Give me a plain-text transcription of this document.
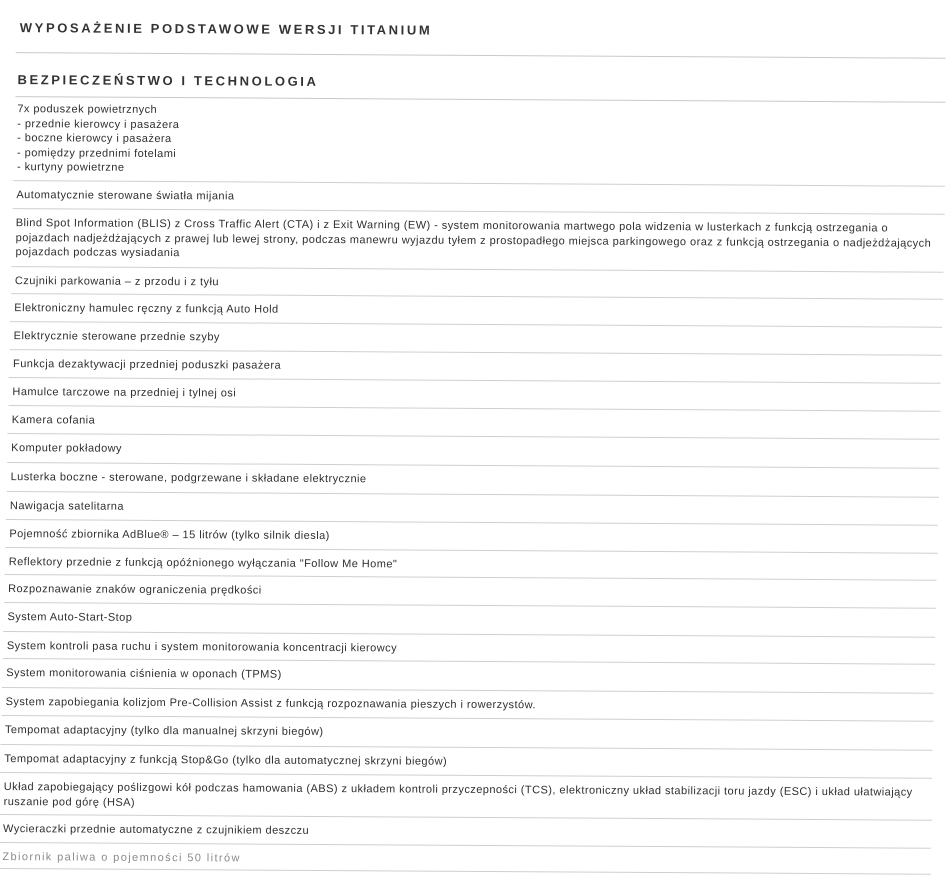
WYPOSAŻENIE PODSTAWOWE WERSJI TITANIUM
BEZPIECZEŃSTWO I TECHNOLOGIA
7x poduszek powietrznych
- przednie kierowcy i pasażera
- boczne kierowcy i pasażera
- pomiędzy przednimi fotelami
- kurtyny powietrzne
Automatycznie sterowane światła mijania
Blind Spot Information (BLIS) z Cross Traffic Alert (CTA) i z Exit Warning (EW) - system monitorowania martwego pola widzenia w lusterkach z funkcją ostrzegania o pojazdach nadjeżdżających z prawej lub lewej strony, podczas manewru wyjazdu tyłem z prostopadłego miejsca parkingowego oraz z funkcją ostrzegania o nadjeżdżających pojazdach podczas wysiadania
Czujniki parkowania – z przodu i z tyłu
Elektroniczny hamulec ręczny z funkcją Auto Hold
Elektrycznie sterowane przednie szyby
Funkcja dezaktywacji przedniej poduszki pasażera
Hamulce tarczowe na przedniej i tylnej osi
Kamera cofania
Komputer pokładowy
Lusterka boczne - sterowane, podgrzewane i składane elektrycznie
Nawigacja satelitarna
Pojemność zbiornika AdBlue® – 15 litrów (tylko silnik diesla)
Reflektory przednie z funkcją opóźnionego wyłączania "Follow Me Home"
Rozpoznawanie znaków ograniczenia prędkości
System Auto-Start-Stop
System kontroli pasa ruchu i system monitorowania koncentracji kierowcy
System monitorowania ciśnienia w oponach (TPMS)
System zapobiegania kolizjom Pre-Collision Assist z funkcją rozpoznawania pieszych i rowerzystów.
Tempomat adaptacyjny (tylko dla manualnej skrzyni biegów)
Tempomat adaptacyjny z funkcją Stop&Go (tylko dla automatycznej skrzyni biegów)
Układ zapobiegający poślizgowi kół podczas hamowania (ABS) z układem kontroli przyczepności (TCS), elektroniczny układ stabilizacji toru jazdy (ESC) i układ ułatwiający ruszanie pod górę (HSA)
Wycieraczki przednie automatyczne z czujnikiem deszczu
Zbiornik paliwa o pojemności 50 litrów
